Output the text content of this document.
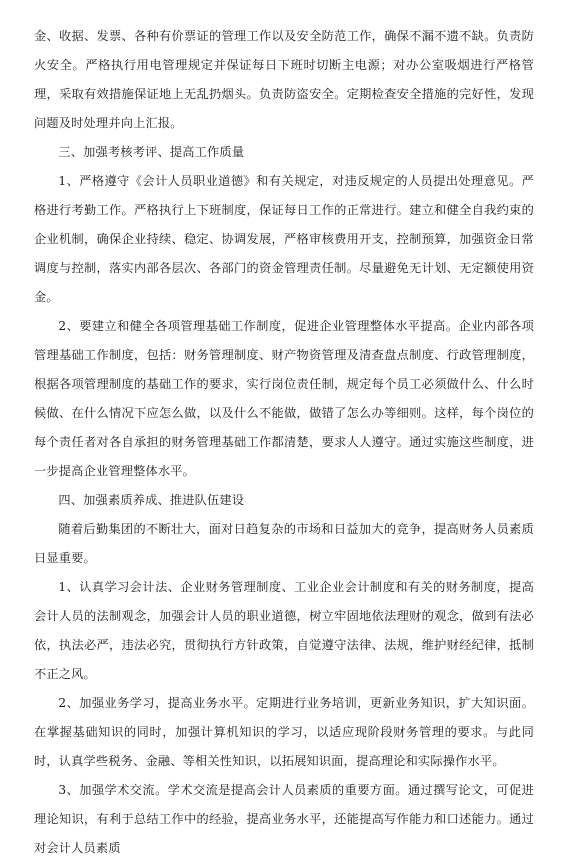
金、收据、发票、各种有价票证的管理工作以及安全防范工作，确保不漏不遗不缺。负责防火安全。严格执行用电管理规定并保证每日下班时切断主电源；对办公室吸烟进行严格管理，采取有效措施保证地上无乱扔烟头。负责防盗安全。定期检查安全措施的完好性，发现问题及时处理并向上汇报。

三、加强考核考评、提高工作质量

1、严格遵守《会计人员职业道德》和有关规定，对违反规定的人员提出处理意见。严格进行考勤工作。严格执行上下班制度，保证每日工作的正常进行。建立和健全自我约束的企业机制，确保企业持续、稳定、协调发展，严格审核费用开支，控制预算，加强资金日常调度与控制，落实内部各层次、各部门的资金管理责任制。尽量避免无计划、无定额使用资金。

2、要建立和健全各项管理基础工作制度，促进企业管理整体水平提高。企业内部各项管理基础工作制度，包括：财务管理制度、财产物资管理及清查盘点制度、行政管理制度，根据各项管理制度的基础工作的要求，实行岗位责任制，规定每个员工必须做什么、什么时候做、在什么情况下应怎么做，以及什么不能做，做错了怎么办等细则。这样，每个岗位的每个责任者对各自承担的财务管理基础工作都清楚，要求人人遵守。通过实施这些制度，进一步提高企业管理整体水平。

四、加强素质养成、推进队伍建设

随着后勤集团的不断壮大，面对日趋复杂的市场和日益加大的竞争，提高财务人员素质日显重要。

1、认真学习会计法、企业财务管理制度、工业企业会计制度和有关的财务制度，提高会计人员的法制观念，加强会计人员的职业道德，树立牢固地依法理财的观念，做到有法必依，执法必严，违法必究，贯彻执行方针政策，自觉遵守法律、法规，维护财经纪律，抵制不正之风。

2、加强业务学习，提高业务水平。定期进行业务培训，更新业务知识，扩大知识面。在掌握基础知识的同时，加强计算机知识的学习，以适应现阶段财务管理的要求。与此同时，认真学些税务、金融、等相关性知识，以拓展知识面，提高理论和实际操作水平。

3、加强学术交流。学术交流是提高会计人员素质的重要方面。通过撰写论文，可促进理论知识，有利于总结工作中的经验，提高业务水平，还能提高写作能力和口述能力。通过对会计人员素质
